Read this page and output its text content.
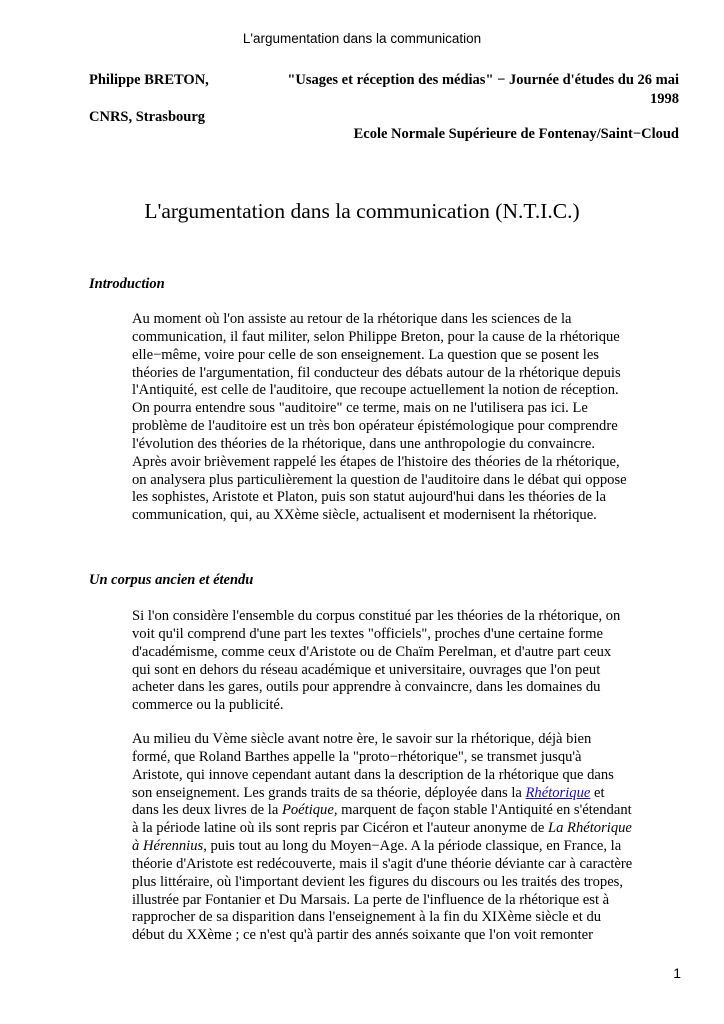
L'argumentation dans la communication
Philippe BRETON,
CNRS, Strasbourg
"Usages et réception des médias" − Journée d'études du 26 mai 1998
Ecole Normale Supérieure de Fontenay/Saint−Cloud
L'argumentation dans la communication (N.T.I.C.)
Introduction
Au moment où l'on assiste au retour de la rhétorique dans les sciences de la
communication, il faut militer, selon Philippe Breton, pour la cause de la rhétorique
elle−même, voire pour celle de son enseignement. La question que se posent les
théories de l'argumentation, fil conducteur des débats autour de la rhétorique depuis
l'Antiquité, est celle de l'auditoire, que recoupe actuellement la notion de réception.
On pourra entendre sous "auditoire" ce terme, mais on ne l'utilisera pas ici. Le
problème de l'auditoire est un très bon opérateur épistémologique pour comprendre
l'évolution des théories de la rhétorique, dans une anthropologie du convaincre.
Après avoir brièvement rappelé les étapes de l'histoire des théories de la rhétorique,
on analysera plus particulièrement la question de l'auditoire dans le débat qui oppose
les sophistes, Aristote et Platon, puis son statut aujourd'hui dans les théories de la
communication, qui, au XXème siècle, actualisent et modernisent la rhétorique.
Un corpus ancien et étendu
Si l'on considère l'ensemble du corpus constitué par les théories de la rhétorique, on
voit qu'il comprend d'une part les textes "officiels", proches d'une certaine forme
d'académisme, comme ceux d'Aristote ou de Chaïm Perelman, et d'autre part ceux
qui sont en dehors du réseau académique et universitaire, ouvrages que l'on peut
acheter dans les gares, outils pour apprendre à convaincre, dans les domaines du
commerce ou la publicité.
Au milieu du Vème siècle avant notre ère, le savoir sur la rhétorique, déjà bien
formé, que Roland Barthes appelle la "proto−rhétorique", se transmet jusqu'à
Aristote, qui innove cependant autant dans la description de la rhétorique que dans
son enseignement. Les grands traits de sa théorie, déployée dans la Rhétorique et
dans les deux livres de la Poétique, marquent de façon stable l'Antiquité en s'étendant
à la période latine où ils sont repris par Cicéron et l'auteur anonyme de La Rhétorique
à Hérennius, puis tout au long du Moyen−Age. A la période classique, en France, la
théorie d'Aristote est redécouverte, mais il s'agit d'une théorie déviante car à caractère
plus littéraire, où l'important devient les figures du discours ou les traités des tropes,
illustrée par Fontanier et Du Marsais. La perte de l'influence de la rhétorique est à
rapprocher de sa disparition dans l'enseignement à la fin du XIXème siècle et du
début du XXème ; ce n'est qu'à partir des annés soixante que l'on voit remonter
1
